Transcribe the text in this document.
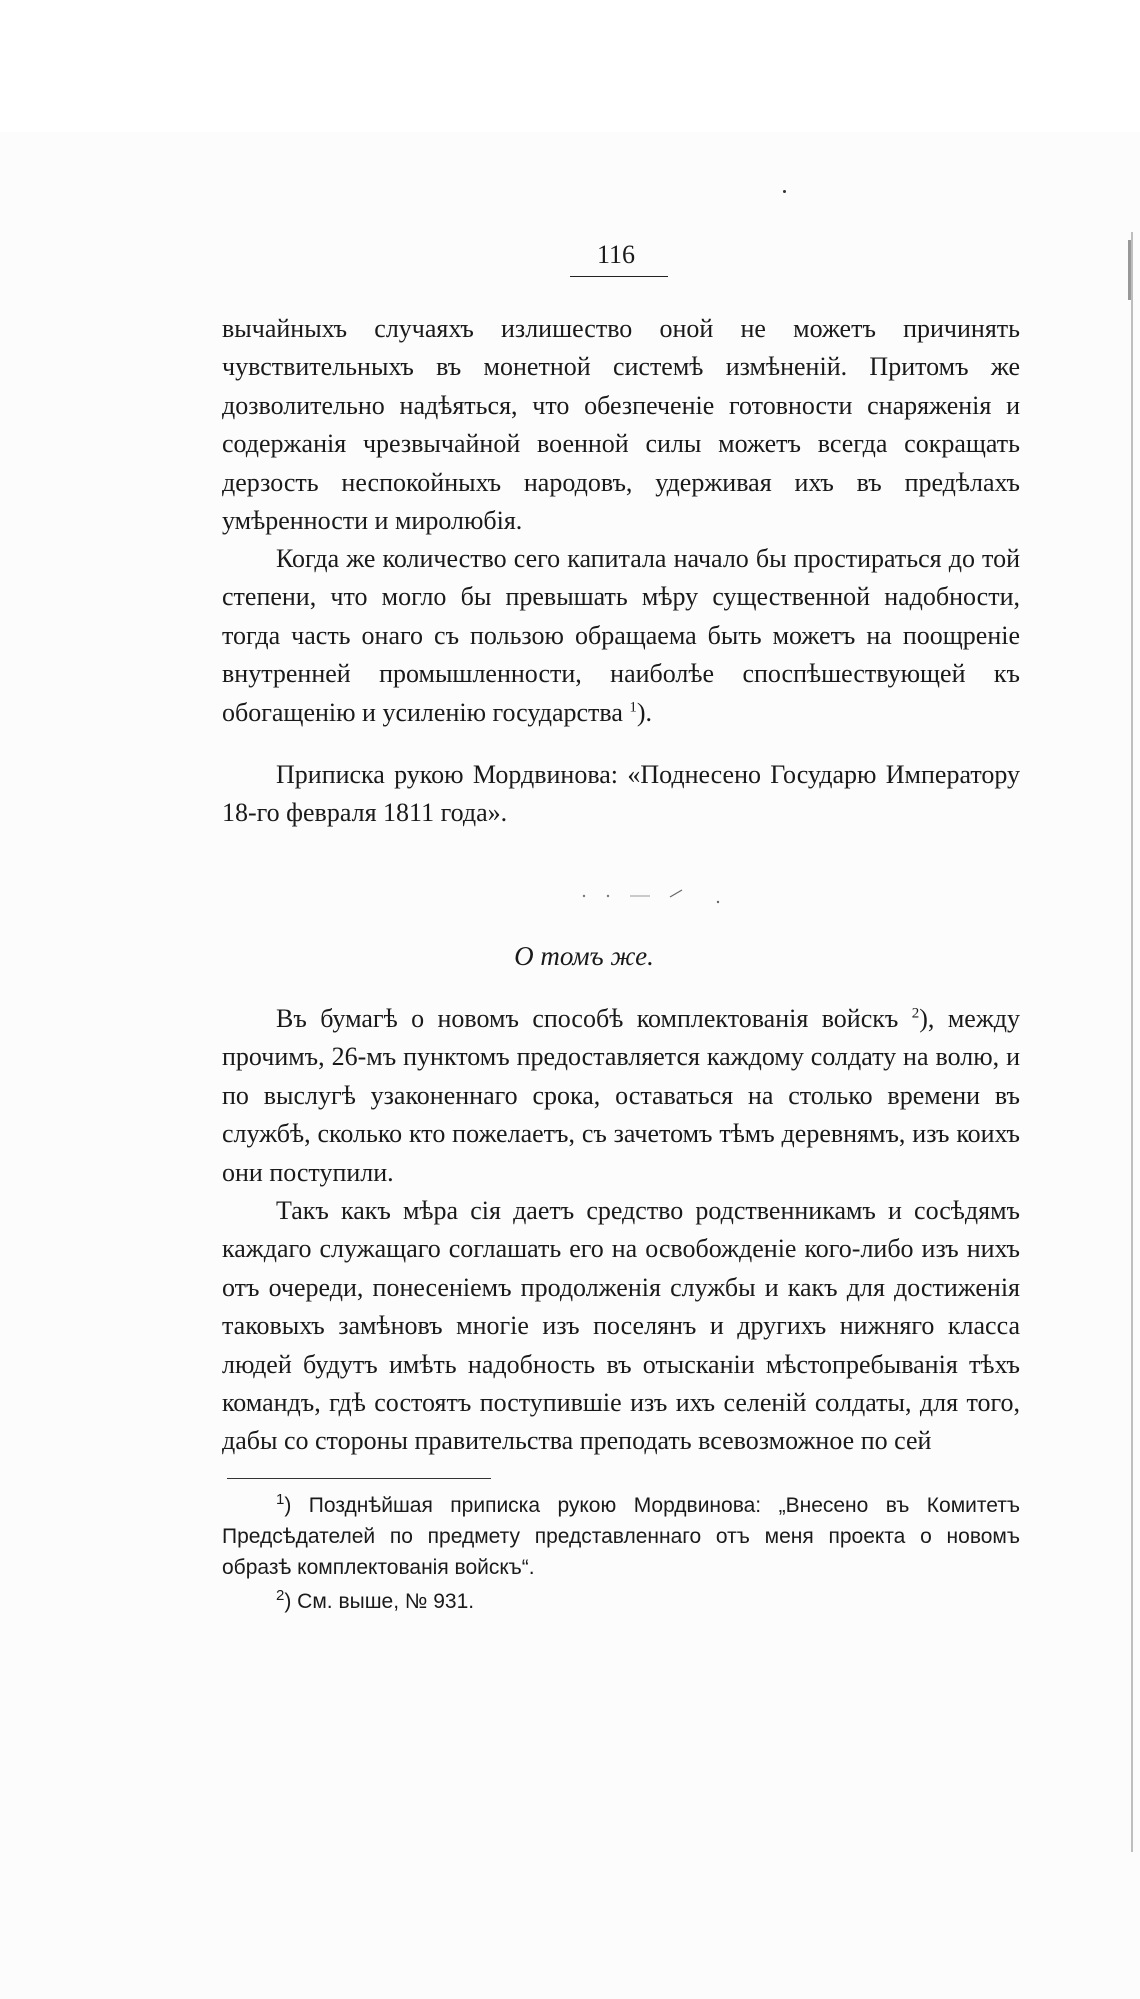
116

вычайныхъ случаяхъ излишество оной не можетъ причинять чувствительныхъ въ монетной системѣ измѣненій. Притомъ же дозволительно надѣяться, что обезпеченіе готовности снаряженія и содержанія чрезвычайной военной силы можетъ всегда сокращать дерзость неспокойныхъ народовъ, удерживая ихъ въ предѣлахъ умѣренности и миролюбія.

Когда же количество сего капитала начало бы простираться до той степени, что могло бы превышать мѣру существенной надобности, тогда часть онаго съ пользою обращаема быть можетъ на поощреніе внутренней промышленности, наиболѣе споспѣшествующей къ обогащенію и усиленію государства $^1$).

Приписка рукою Мордвинова: «Поднесено Государю Императору 18-го февраля 1811 года».

О томъ же.

Въ бумагѣ о новомъ способѣ комплектованія войскъ $^2$), между прочимъ, 26-мъ пунктомъ предоставляется каждому солдату на волю, и по выслугѣ узаконеннаго срока, оставаться на столько времени въ службѣ, сколько кто пожелаетъ, съ зачетомъ тѣмъ деревнямъ, изъ коихъ они поступили.

Такъ какъ мѣра сія даетъ средство родственникамъ и сосѣдямъ каждаго служащаго соглашать его на освобожденіе кого-либо изъ нихъ отъ очереди, понесеніемъ продолженія службы и какъ для достиженія таковыхъ замѣновъ многіе изъ поселянъ и другихъ нижняго класса людей будутъ имѣть надобность въ отысканіи мѣстопребыванія тѣхъ командъ, гдѣ состоятъ поступившіе изъ ихъ селеній солдаты, для того, дабы со стороны правительства преподать всевозможное по сей

$^1$) Позднѣйшая приписка рукою Мордвинова: „Внесено въ Комитетъ Предсѣдателей по предмету представленнаго отъ меня проекта о новомъ образѣ комплектованія войскъ“.

$^2$) См. выше, № 931.
